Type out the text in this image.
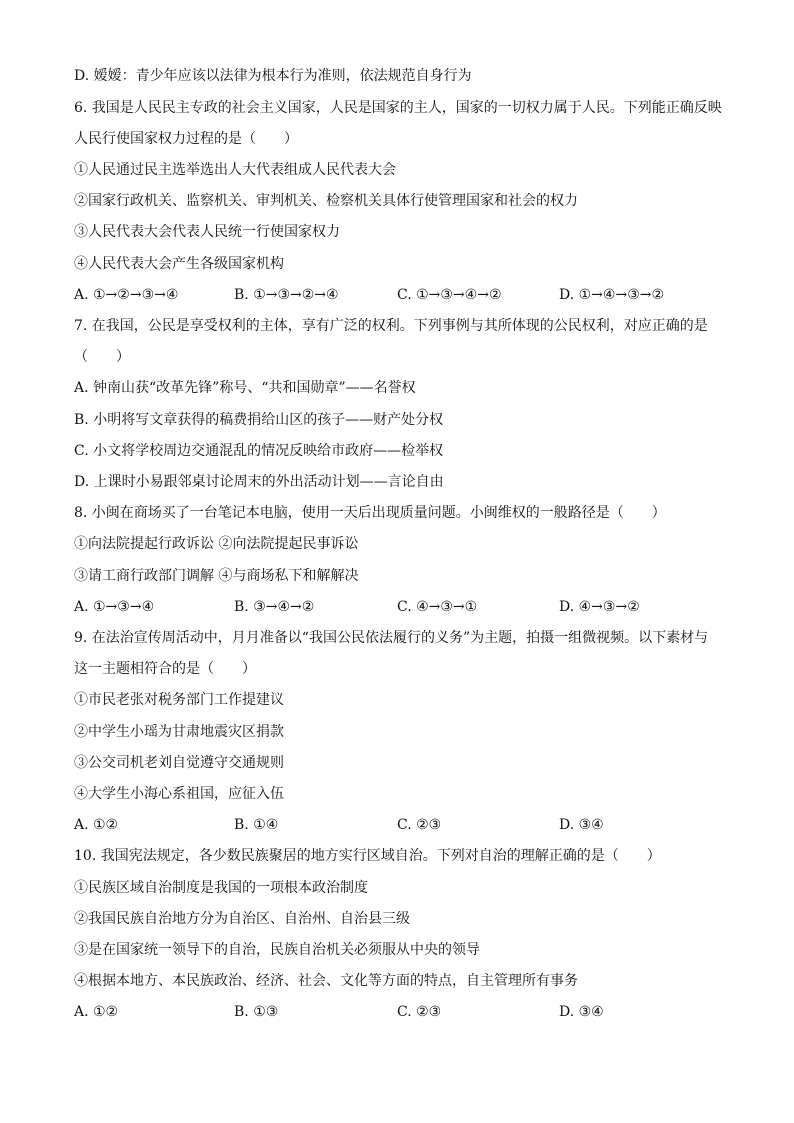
D. 嫒嫒：青少年应该以法律为根本行为准则，依法规范自身行为
6. 我国是人民民主专政的社会主义国家，人民是国家的主人，国家的一切权力属于人民。下列能正确反映
人民行使国家权力过程的是（　　）
①人民通过民主选举选出人大代表组成人民代表大会
②国家行政机关、监察机关、审判机关、检察机关具体行使管理国家和社会的权力
③人民代表大会代表人民统一行使国家权力
④人民代表大会产生各级国家机构
A. ①→②→③→④	B. ①→③→②→④	C. ①→③→④→②	D. ①→④→③→②
7. 在我国，公民是享受权利的主体，享有广泛的权利。下列事例与其所体现的公民权利，对应正确的是
（　　）
A. 钟南山获“改革先锋”称号、“共和国勋章”——名誉权
B. 小明将写文章获得的稿费捐给山区的孩子——财产处分权
C. 小文将学校周边交通混乱的情况反映给市政府——检举权
D. 上课时小易跟邻桌讨论周末的外出活动计划——言论自由
8. 小闽在商场买了一台笔记本电脑，使用一天后出现质量问题。小闽维权的一般路径是（　　）
①向法院提起行政诉讼 ②向法院提起民事诉讼
③请工商行政部门调解 ④与商场私下和解解决
A. ①→③→④	B. ③→④→②	C. ④→③→①	D. ④→③→②
9. 在法治宣传周活动中，月月准备以“我国公民依法履行的义务”为主题，拍摄一组微视频。以下素材与
这一主题相符合的是（　　）
①市民老张对税务部门工作提建议
②中学生小瑶为甘肃地震灾区捐款
③公交司机老刘自觉遵守交通规则
④大学生小海心系祖国，应征入伍
A. ①②	B. ①④	C. ②③	D. ③④
10. 我国宪法规定，各少数民族聚居的地方实行区域自治。下列对自治的理解正确的是（　　）
①民族区域自治制度是我国的一项根本政治制度
②我国民族自治地方分为自治区、自治州、自治县三级
③是在国家统一领导下的自治，民族自治机关必须服从中央的领导
④根据本地方、本民族政治、经济、社会、文化等方面的特点，自主管理所有事务
A. ①②	B. ①③	C. ②③	D. ③④
